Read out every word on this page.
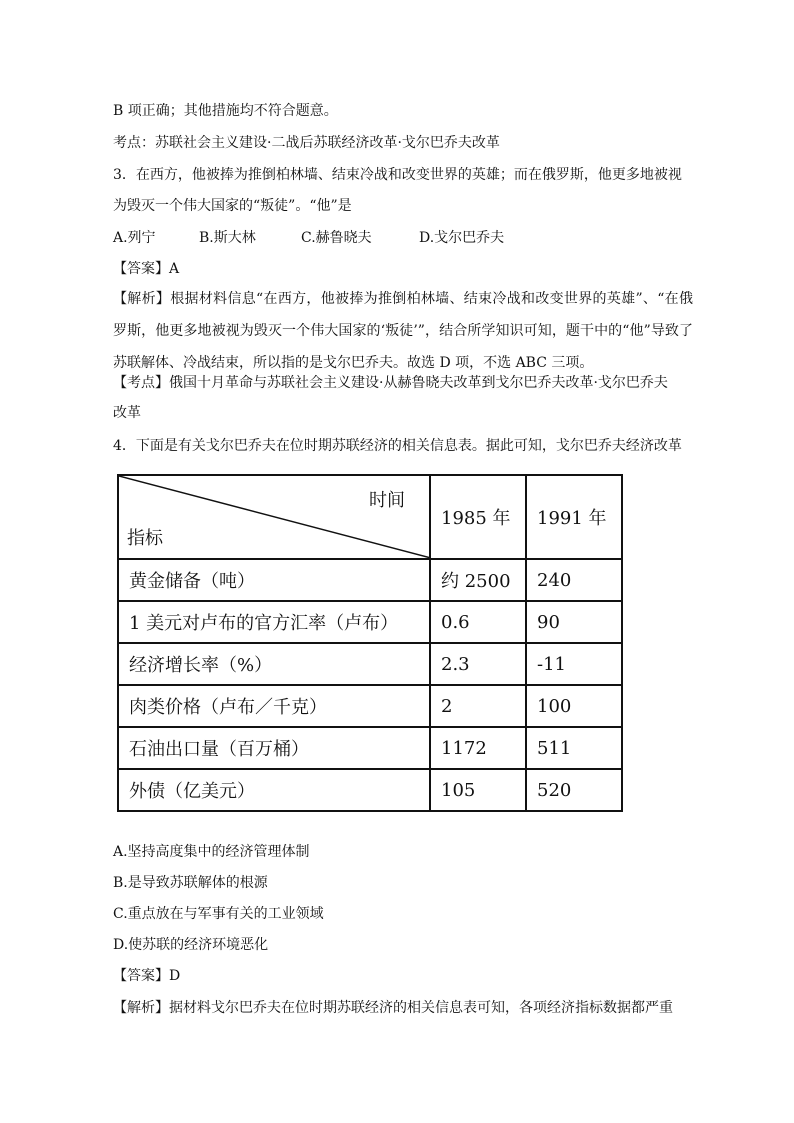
B 项正确；其他措施均不符合题意。
考点：苏联社会主义建设·二战后苏联经济改革·戈尔巴乔夫改革
3．在西方，他被捧为推倒柏林墙、结束冷战和改变世界的英雄；而在俄罗斯，他更多地被视
为毁灭一个伟大国家的“叛徒”。“他”是
A.列宁	B.斯大林	C.赫鲁晓夫	D.戈尔巴乔夫
【答案】A
【解析】根据材料信息“在西方，他被捧为推倒柏林墙、结束冷战和改变世界的英雄”、“在俄罗斯，他更多地被视为毁灭一个伟大国家的‘叛徒’”，结合所学知识可知，题干中的“他”导致了苏联解体、冷战结束，所以指的是戈尔巴乔夫。故选 D 项，不选 ABC 三项。
【考点】俄国十月革命与苏联社会主义建设·从赫鲁晓夫改革到戈尔巴乔夫改革·戈尔巴乔夫
改革
4．下面是有关戈尔巴乔夫在位时期苏联经济的相关信息表。据此可知，戈尔巴乔夫经济改革
时间
指标	1985 年	1991 年
黄金储备（吨）	约 2500	240
1 美元对卢布的官方汇率（卢布）	0.6	90
经济增长率（%）	2.3	-11
肉类价格（卢布／千克）	2	100
石油出口量（百万桶）	1172	511
外债（亿美元）	105	520
A.坚持高度集中的经济管理体制
B.是导致苏联解体的根源
C.重点放在与军事有关的工业领域
D.使苏联的经济环境恶化
【答案】D
【解析】据材料戈尔巴乔夫在位时期苏联经济的相关信息表可知，各项经济指标数据都严重
